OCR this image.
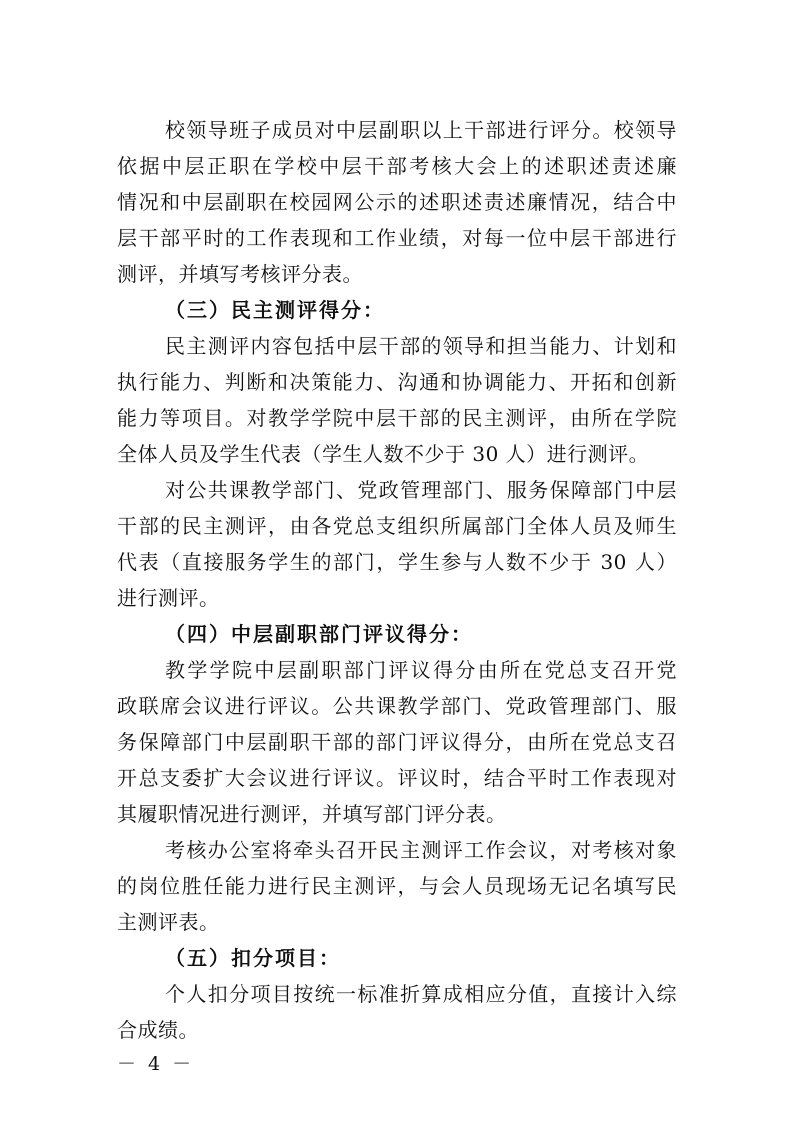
校领导班子成员对中层副职以上干部进行评分。校领导
依据中层正职在学校中层干部考核大会上的述职述责述廉
情况和中层副职在校园网公示的述职述责述廉情况，结合中
层干部平时的工作表现和工作业绩，对每一位中层干部进行
测评，并填写考核评分表。
（三）民主测评得分：
民主测评内容包括中层干部的领导和担当能力、计划和
执行能力、判断和决策能力、沟通和协调能力、开拓和创新
能力等项目。对教学学院中层干部的民主测评，由所在学院
全体人员及学生代表（学生人数不少于 30 人）进行测评。
对公共课教学部门、党政管理部门、服务保障部门中层
干部的民主测评，由各党总支组织所属部门全体人员及师生
代表（直接服务学生的部门，学生参与人数不少于 30 人）
进行测评。
（四）中层副职部门评议得分：
教学学院中层副职部门评议得分由所在党总支召开党
政联席会议进行评议。公共课教学部门、党政管理部门、服
务保障部门中层副职干部的部门评议得分，由所在党总支召
开总支委扩大会议进行评议。评议时，结合平时工作表现对
其履职情况进行测评，并填写部门评分表。
考核办公室将牵头召开民主测评工作会议，对考核对象
的岗位胜任能力进行民主测评，与会人员现场无记名填写民
主测评表。
（五）扣分项目：
个人扣分项目按统一标准折算成相应分值，直接计入综
合成绩。
－ 4 －
